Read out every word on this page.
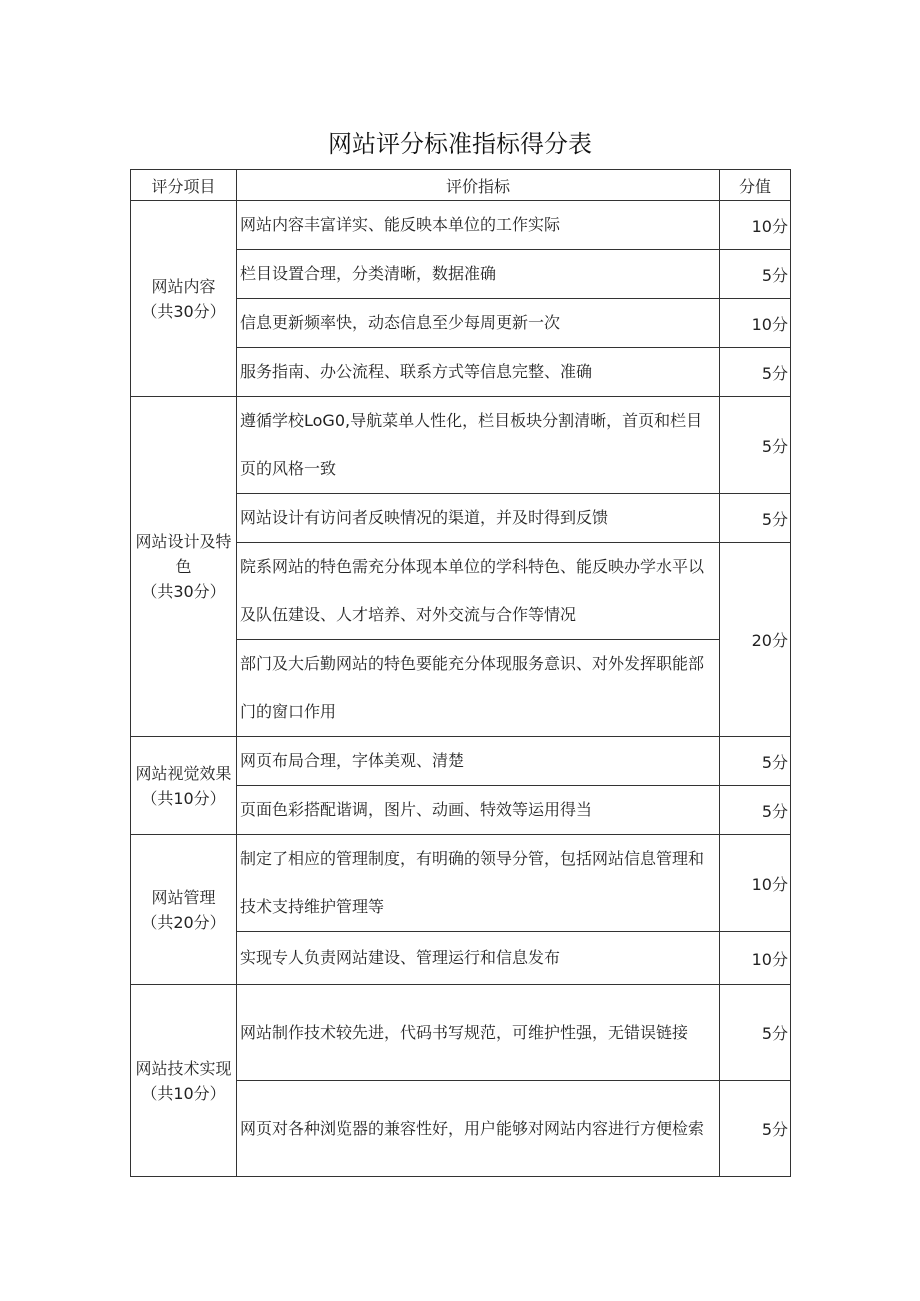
网站评分标准指标得分表
评分项目	评价指标	分值

网站内容
（共30分）	网站内容丰富详实、能反映本单位的工作实际	10分
	栏目设置合理，分类清晰，数据准确	5分
	信息更新频率快，动态信息至少每周更新一次	10分
	服务指南、办公流程、联系方式等信息完整、准确	5分

网站设计及特色
（共30分）	遵循学校LoG0,导航菜单人性化，栏目板块分割清晰，首页和栏目页的风格一致	5分
	网站设计有访问者反映情况的渠道，并及时得到反馈	5分
	院系网站的特色需充分体现本单位的学科特色、能反映办学水平以及队伍建设、人才培养、对外交流与合作等情况	20分
	部门及大后勤网站的特色要能充分体现服务意识、对外发挥职能部门的窗口作用	

网站视觉效果
（共10分）	网页布局合理，字体美观、清楚	5分
	页面色彩搭配谐调，图片、动画、特效等运用得当	5分

网站管理
（共20分）	制定了相应的管理制度，有明确的领导分管，包括网站信息管理和技术支持维护管理等	10分
	实现专人负责网站建设、管理运行和信息发布	10分

网站技术实现
（共10分）	网站制作技术较先进，代码书写规范，可维护性强，无错误链接	5分
	网页对各种浏览器的兼容性好，用户能够对网站内容进行方便检索	5分
